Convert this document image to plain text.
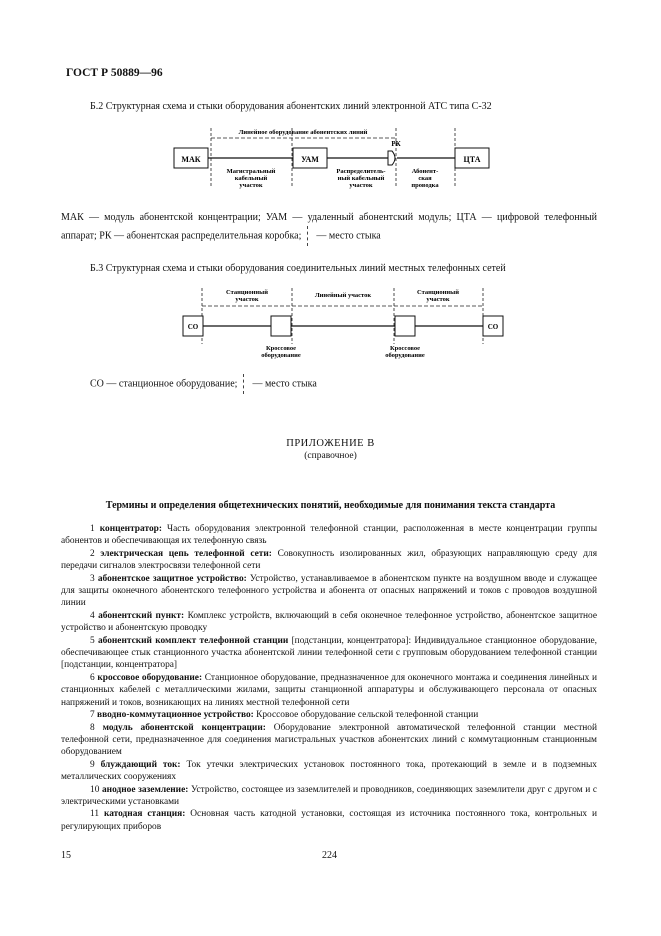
ГОСТ Р 50889—96
Б.2 Структурная схема и стыки оборудования абонентских линий электронной АТС типа С-32
Линейное оборудование абонентских линий
МАК	УАМ	ЦТА
РК
Магистральный
кабельный
участок
Распределитель-
ный кабельный
участок
Абонент-
ская
проводка
МАК — модуль абонентской концентрации; УАМ — удаленный абонентский модуль; ЦТА — цифровой телефонный аппарат; РК — абонентская распределительная коробка; — место стыка
Б.3 Структурная схема и стыки оборудования соединительных линий местных телефонных сетей
Станционный
участок
Линейный участок	Станционный
участок
СО	СО
Кроссовое
оборудование
Кроссовое
оборудование
СО — станционное оборудование; — место стыка
ПРИЛОЖЕНИЕ В
(справочное)
Термины и определения общетехнических понятий, необходимые для понимания текста стандарта

1 концентратор: Часть оборудования электронной телефонной станции, расположенная в месте концентрации группы абонентов и обеспечивающая их телефонную связь

2 электрическая цепь телефонной сети: Совокупность изолированных жил, образующих направляющую среду для передачи сигналов электросвязи телефонной сети

3 абонентское защитное устройство: Устройство, устанавливаемое в абонентском пункте на воздушном вводе и служащее для защиты оконечного абонентского телефонного устройства и абонента от опасных напряжений и токов с проводов воздушной линии

4 абонентский пункт: Комплекс устройств, включающий в себя оконечное телефонное устройство, абонентское защитное устройство и абонентскую проводку

5 абонентский комплект телефонной станции [подстанции, концентратора]: Индивидуальное станционное оборудование, обеспечивающее стык станционного участка абонентской линии телефонной сети с групповым оборудованием телефонной станции [подстанции, концентратора]

6 кроссовое оборудование: Станционное оборудование, предназначенное для оконечного монтажа и соединения линейных и станционных кабелей с металлическими жилами, защиты станционной аппаратуры и обслуживающего персонала от опасных напряжений и токов, возникающих на линиях местной телефонной сети

7 вводно-коммутационное устройство: Кроссовое оборудование сельской телефонной станции

8 модуль абонентской концентрации: Оборудование электронной автоматической телефонной станции местной телефонной сети, предназначенное для соединения магистральных участков абонентских линий с коммутационным станционным оборудованием

9 блуждающий ток: Ток утечки электрических установок постоянного тока, протекающий в земле и в подземных металлических сооружениях

10 анодное заземление: Устройство, состоящее из заземлителей и проводников, соединяющих заземлители друг с другом и с электрическими установками

11 катодная станция: Основная часть катодной установки, состоящая из источника постоянного тока, контрольных и регулирующих приборов

15	224
